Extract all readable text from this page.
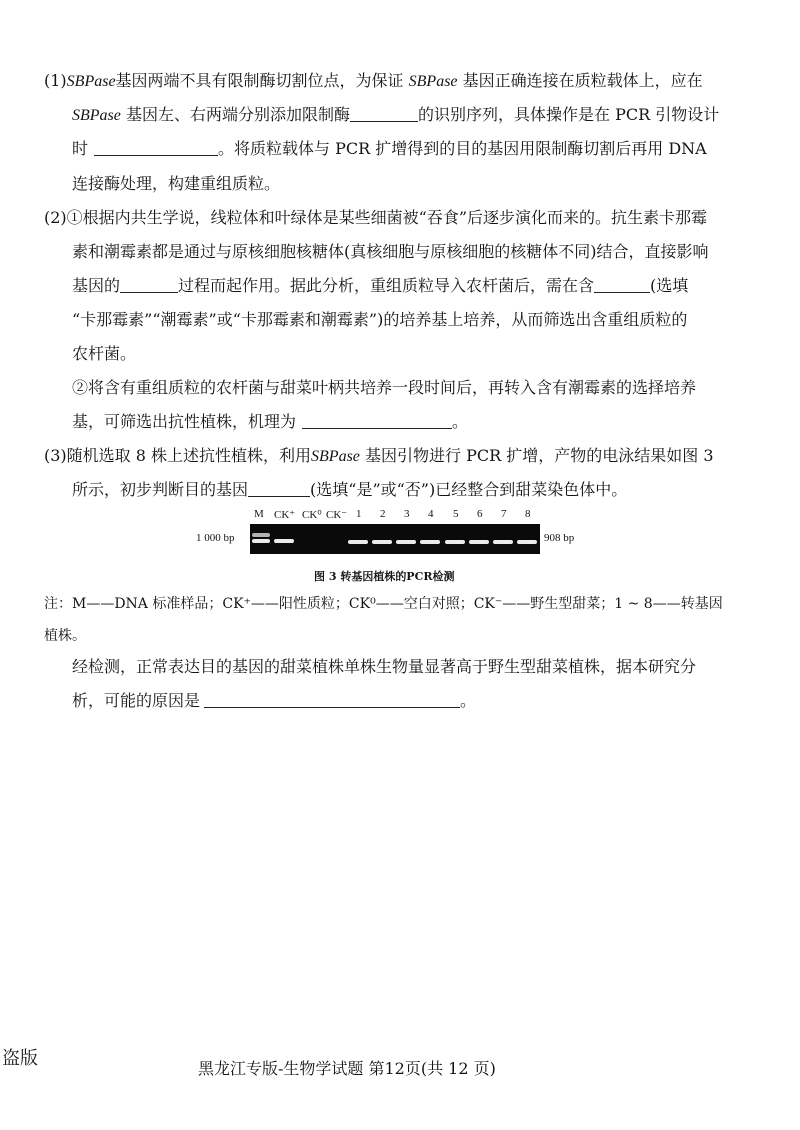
(1)SBPase基因两端不具有限制酶切割位点，为保证 SBPase 基因正确连接在质粒载体上，应在
SBPase 基因左、右两端分别添加限制酶	的识别序列，具体操作是在 PCR 引物设计
时	。将质粒载体与 PCR 扩增得到的目的基因用限制酶切割后再用 DNA
连接酶处理，构建重组质粒。
(2)①根据内共生学说，线粒体和叶绿体是某些细菌被“吞食”后逐步演化而来的。抗生素卡那霉
素和潮霉素都是通过与原核细胞核糖体(真核细胞与原核细胞的核糖体不同)结合，直接影响
基因的	过程而起作用。据此分析，重组质粒导入农杆菌后，需在含	(选填
“卡那霉素”“潮霉素”或“卡那霉素和潮霉素”)的培养基上培养，从而筛选出含重组质粒的
农杆菌。
②将含有重组质粒的农杆菌与甜菜叶柄共培养一段时间后，再转入含有潮霉素的选择培养
基，可筛选出抗性植株，机理为	。
(3)随机选取 8 株上述抗性植株，利用SBPase 基因引物进行 PCR 扩增，产物的电泳结果如图 3
所示，初步判断目的基因	(选填“是”或“否”)已经整合到甜菜染色体中。
M CK⁺ CK⁰ CK⁻ 1 2 3 4 5 6 7 8
1 000 bp	908 bp
图 3 转基因植株的PCR检测
注：M——DNA 标准样品；CK⁺——阳性质粒；CK⁰——空白对照；CK⁻——野生型甜菜；1 ~ 8——转基因
植株。
经检测，正常表达目的基因的甜菜植株单株生物量显著高于野生型甜菜植株，据本研究分
析，可能的原因是	。
盗版	黑龙江专版-生物学试题 第12页(共 12 页)
